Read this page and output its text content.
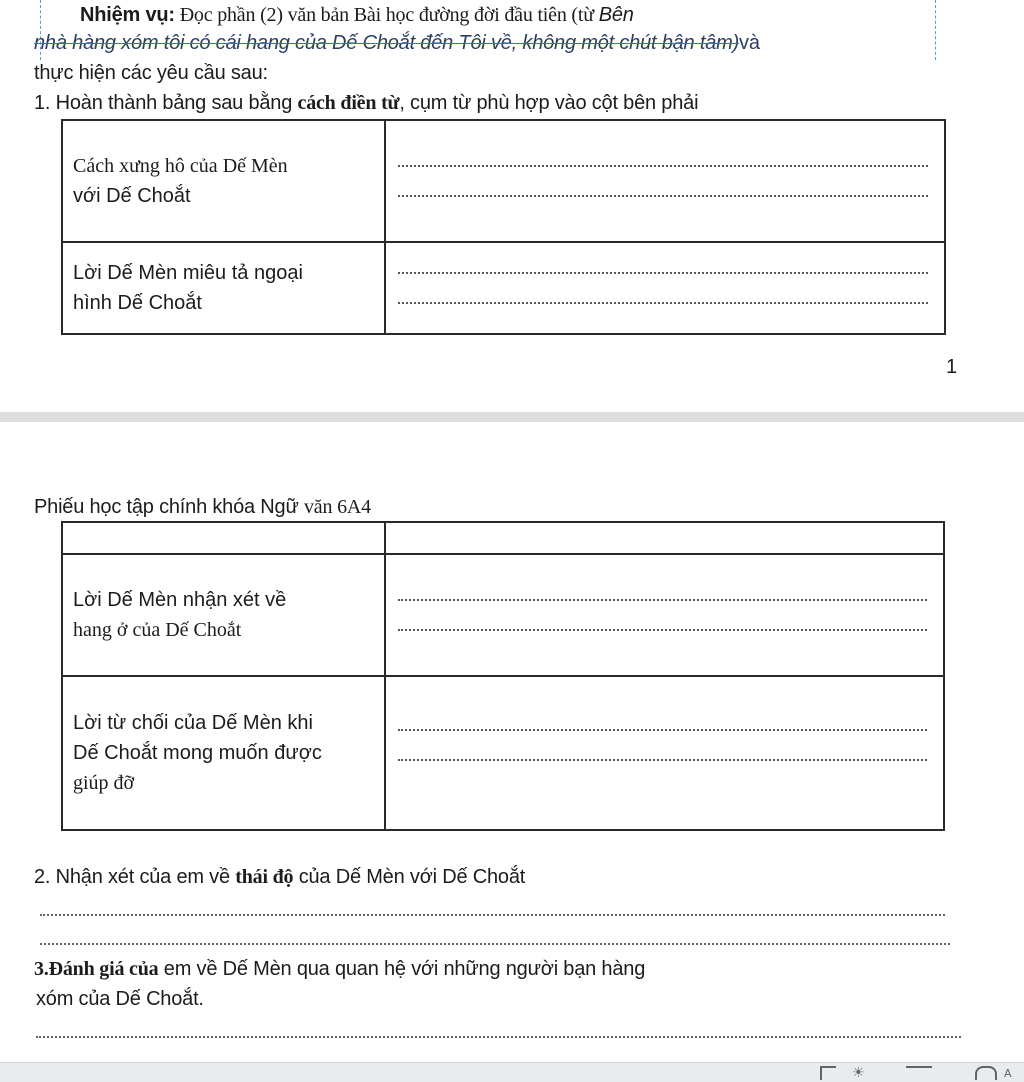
Nhiệm vụ: Đọc phần (2) văn bản Bài học đường đời đầu tiên (từ Bên
nhà hàng xóm tôi có cái hang của Dế Choắt đến Tôi về, không một chút bận tâm)và
thực hiện các yêu cầu sau:
1. Hoàn thành bảng sau bằng cách điền từ, cụm từ phù hợp vào cột bên phải
Cách xưng hô của Dế Mèn
với Dế Choắt	

Lời Dế Mèn miêu tả ngoại
hình Dế Choắt	

1
Phiếu học tập chính khóa Ngữ văn 6A4

Lời Dế Mèn nhận xét về
hang ở của Dế Choắt	

Lời từ chối của Dế Mèn khi
Dế Choắt mong muốn được
giúp đỡ	

2. Nhận xét của em về thái độ của Dế Mèn với Dế Choắt
3.Đánh giá của em về Dế Mèn qua quan hệ với những người bạn hàng
xóm của Dế Choắt.
☀	A
